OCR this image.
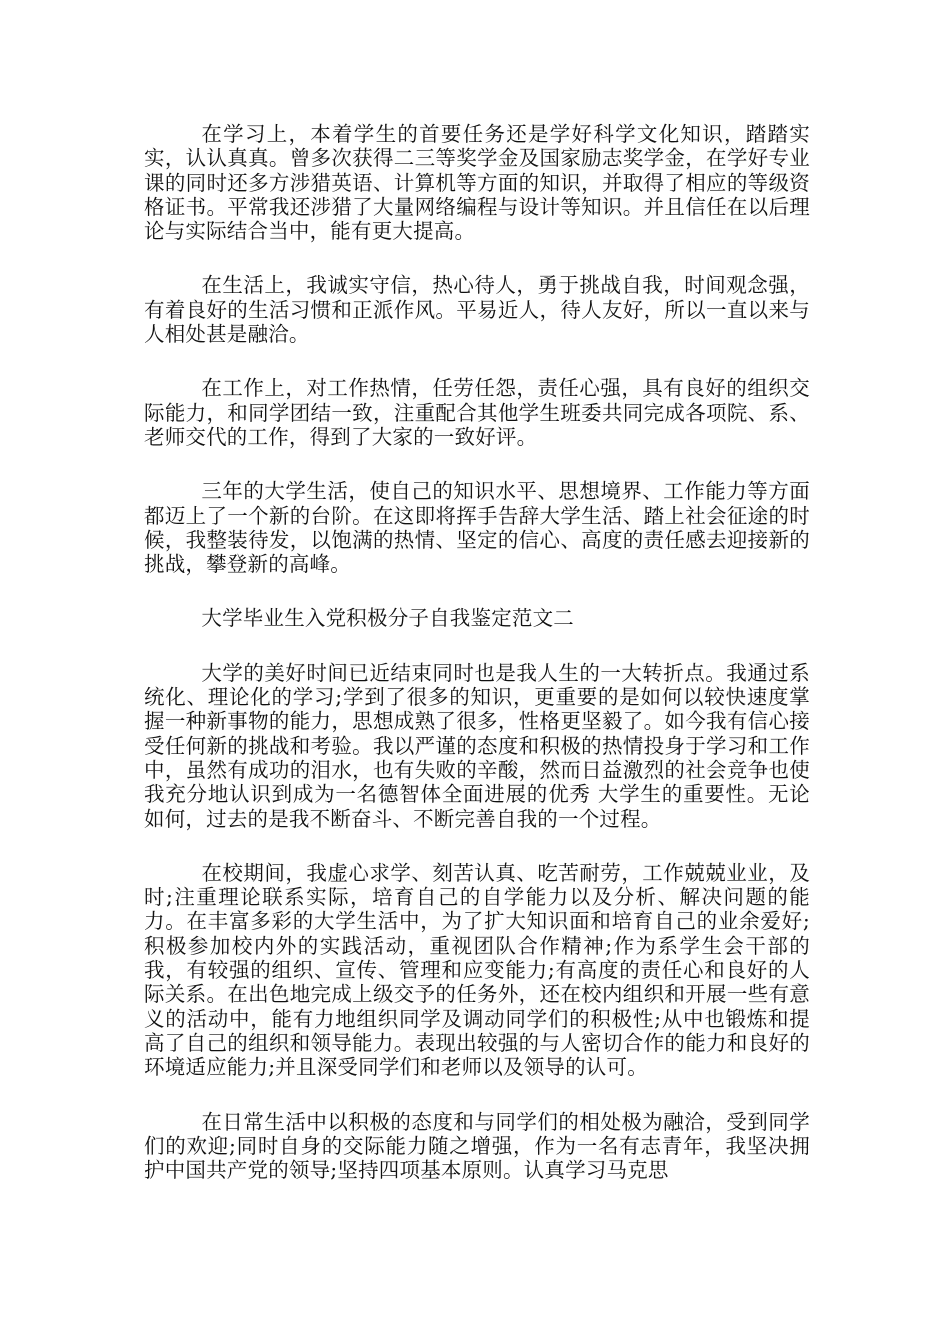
在学习上，本着学生的首要任务还是学好科学文化知识，踏踏实实，认认真真。曾多次获得二三等奖学金及国家励志奖学金，在学好专业课的同时还多方涉猎英语、计算机等方面的知识，并取得了相应的等级资格证书。平常我还涉猎了大量网络编程与设计等知识。并且信任在以后理论与实际结合当中，能有更大提高。

在生活上，我诚实守信，热心待人，勇于挑战自我，时间观念强，有着良好的生活习惯和正派作风。平易近人，待人友好，所以一直以来与人相处甚是融洽。

在工作上，对工作热情，任劳任怨，责任心强，具有良好的组织交际能力，和同学团结一致，注重配合其他学生班委共同完成各项院、系、老师交代的工作，得到了大家的一致好评。

三年的大学生活，使自己的知识水平、思想境界、工作能力等方面都迈上了一个新的台阶。在这即将挥手告辞大学生活、踏上社会征途的时候，我整装待发，以饱满的热情、坚定的信心、高度的责任感去迎接新的挑战，攀登新的高峰。

大学毕业生入党积极分子自我鉴定范文二

大学的美好时间已近结束同时也是我人生的一大转折点。我通过系统化、理论化的学习;学到了很多的知识，更重要的是如何以较快速度掌握一种新事物的能力，思想成熟了很多，性格更坚毅了。如今我有信心接受任何新的挑战和考验。我以严谨的态度和积极的热情投身于学习和工作中，虽然有成功的泪水，也有失败的辛酸，然而日益激烈的社会竞争也使我充分地认识到成为一名德智体全面进展的优秀 大学生的重要性。无论如何，过去的是我不断奋斗、不断完善自我的一个过程。

在校期间，我虚心求学、刻苦认真、吃苦耐劳，工作兢兢业业，及时;注重理论联系实际，培育自己的自学能力以及分析、解决问题的能力。在丰富多彩的大学生活中，为了扩大知识面和培育自己的业余爱好;积极参加校内外的实践活动，重视团队合作精神;作为系学生会干部的我，有较强的组织、宣传、管理和应变能力;有高度的责任心和良好的人际关系。在出色地完成上级交予的任务外，还在校内组织和开展一些有意义的活动中，能有力地组织同学及调动同学们的积极性;从中也锻炼和提高了自己的组织和领导能力。表现出较强的与人密切合作的能力和良好的环境适应能力;并且深受同学们和老师以及领导的认可。

在日常生活中以积极的态度和与同学们的相处极为融洽，受到同学们的欢迎;同时自身的交际能力随之增强，作为一名有志青年，我坚决拥护中国共产党的领导;坚持四项基本原则。认真学习马克思
